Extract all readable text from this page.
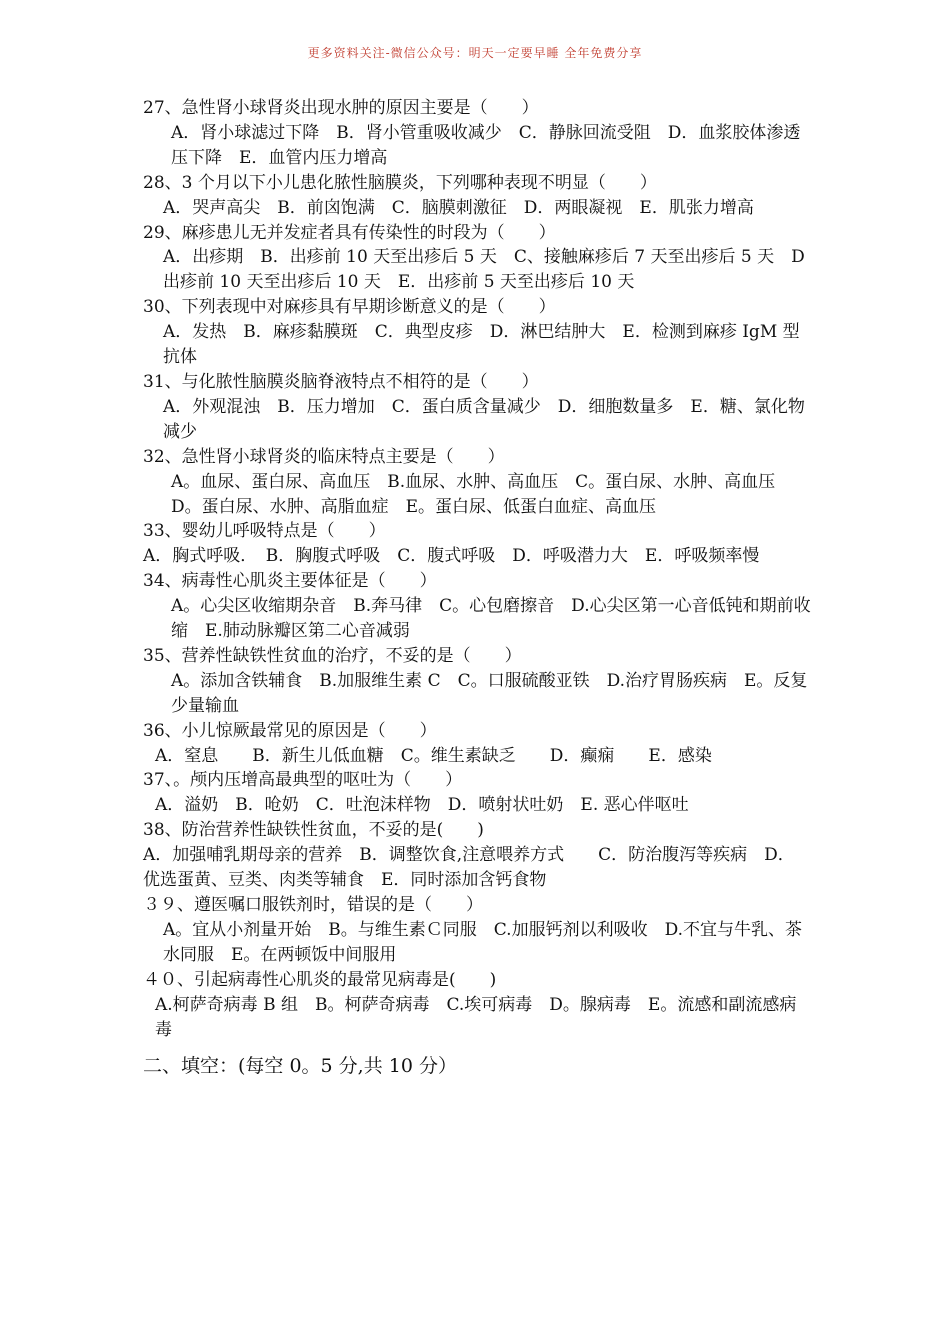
更多资料关注-微信公众号：明天一定要早睡 全年免费分享
27、急性肾小球肾炎出现水肿的原因主要是（　　）
A．肾小球滤过下降　B．肾小管重吸收减少　C．静脉回流受阻　D．血浆胶体渗透压下降　E．血管内压力增高
28、3 个月以下小儿患化脓性脑膜炎，下列哪种表现不明显（　　）
A．哭声高尖　B．前囟饱满　C．脑膜刺激征　D．两眼凝视　E．肌张力增高
29、麻疹患儿无并发症者具有传染性的时段为（　　）
A．出疹期　B．出疹前 10 天至出疹后 5 天　C、接触麻疹后 7 天至出疹后 5 天　D 出疹前 10 天至出疹后 10 天　E．出疹前 5 天至出疹后 10 天
30、下列表现中对麻疹具有早期诊断意义的是（　　）
A．发热　B．麻疹黏膜斑　C．典型皮疹　D．淋巴结肿大　E．检测到麻疹 IgM 型抗体
31、与化脓性脑膜炎脑脊液特点不相符的是（　　）
A．外观混浊　B．压力增加　C．蛋白质含量减少　D．细胞数量多　E．糖、氯化物减少
32、急性肾小球肾炎的临床特点主要是（　　）
A。血尿、蛋白尿、高血压　B.血尿、水肿、高血压　C。蛋白尿、水肿、高血压
D。蛋白尿、水肿、高脂血症　E。蛋白尿、低蛋白血症、高血压
33、婴幼儿呼吸特点是（　　）
A．胸式呼吸．　B．胸腹式呼吸　C．腹式呼吸　D．呼吸潜力大　E．呼吸频率慢
34、病毒性心肌炎主要体征是（　　）
A。心尖区收缩期杂音　B.奔马律　C。心包磨擦音　D.心尖区第一心音低钝和期前收缩　E.肺动脉瓣区第二心音减弱
35、营养性缺铁性贫血的治疗，不妥的是（　　）
A。添加含铁辅食　B.加服维生素 C　C。口服硫酸亚铁　D.治疗胃肠疾病　E。反复少量输血
36、小儿惊厥最常见的原因是（　　）
A．窒息　　B．新生儿低血糖　C。维生素缺乏　　D．癫痫　　E．感染
37、。颅内压增高最典型的呕吐为（　　）
A．溢奶　B．呛奶　C．吐泡沫样物　D．喷射状吐奶　E. 恶心伴呕吐
38、防治营养性缺铁性贫血，不妥的是(　　)
A．加强哺乳期母亲的营养　B．调整饮食,注意喂养方式　　C．防治腹泻等疾病　D．优选蛋黄、豆类、肉类等辅食　E．同时添加含钙食物
３９、遵医嘱口服铁剂时，错误的是（　　）
A。宜从小剂量开始　B。与维生素Ｃ同服　C.加服钙剂以利吸收　D.不宜与牛乳、茶水同服　E。在两顿饭中间服用
４０、引起病毒性心肌炎的最常见病毒是(　　)
A.柯萨奇病毒 B 组　B。柯萨奇病毒　C.埃可病毒　D。腺病毒　E。流感和副流感病毒
二、填空：(每空 0。5 分,共 10 分）
